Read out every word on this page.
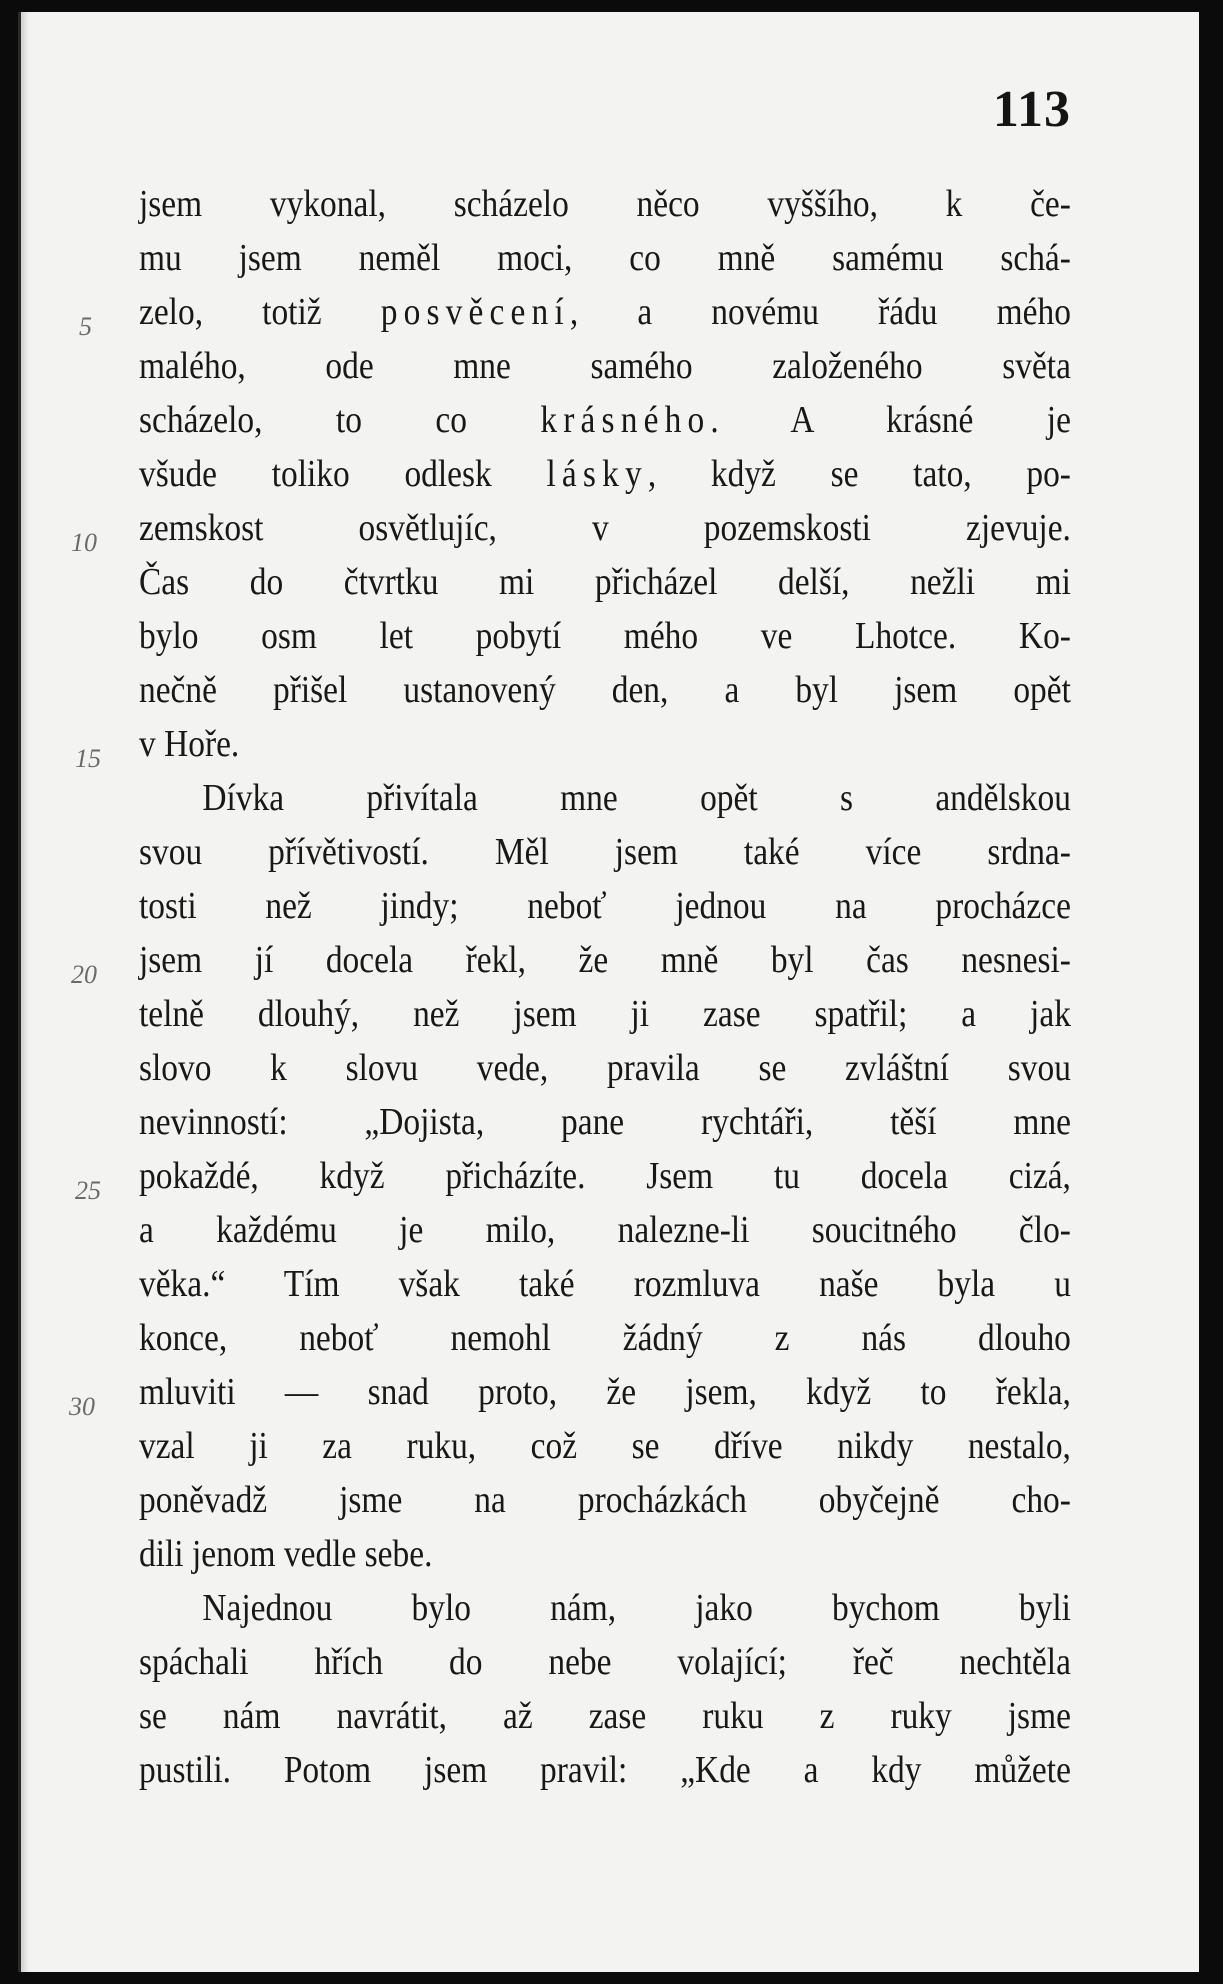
113
5
10
15
20
25
30
jsem vykonal, scházelo něco vyššího, k če-
mu jsem neměl moci, co mně samému schá-
zelo, totiž posvěcení, a novému řádu mého
malého, ode mne samého založeného světa
scházelo, to co krásného. A krásné je
všude toliko odlesk lásky, když se tato, po-
zemskost osvětlujíc, v pozemskosti zjevuje.
Čas do čtvrtku mi přicházel delší, nežli mi
bylo osm let pobytí mého ve Lhotce. Ko-
nečně přišel ustanovený den, a byl jsem opět
v Hoře.
Dívka přivítala mne opět s andělskou
svou přívětivostí. Měl jsem také více srdna-
tosti než jindy; neboť jednou na procházce
jsem jí docela řekl, že mně byl čas nesnesi-
telně dlouhý, než jsem ji zase spatřil; a jak
slovo k slovu vede, pravila se zvláštní svou
nevinností: „Dojista, pane rychtáři, těší mne
pokaždé, když přicházíte. Jsem tu docela cizá,
a každému je milo, nalezne-li soucitného člo-
věka.“ Tím však také rozmluva naše byla u
konce, neboť nemohl žádný z nás dlouho
mluviti — snad proto, že jsem, když to řekla,
vzal ji za ruku, což se dříve nikdy nestalo,
poněvadž jsme na procházkách obyčejně cho-
dili jenom vedle sebe.
Najednou bylo nám, jako bychom byli
spáchali hřích do nebe volající; řeč nechtěla
se nám navrátit, až zase ruku z ruky jsme
pustili. Potom jsem pravil: „Kde a kdy můžete
